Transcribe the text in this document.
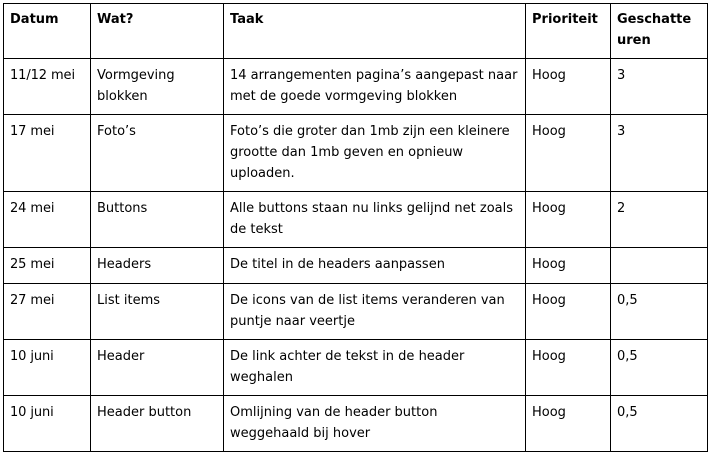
Datum	Wat?	Taak	Prioriteit	Geschatte uren
11/12 mei	Vormgeving blokken	14 arrangementen pagina’s aangepast naar met de goede vormgeving blokken	Hoog	3
17 mei	Foto’s	Foto’s die groter dan 1mb zijn een kleinere grootte dan 1mb geven en opnieuw uploaden.	Hoog	3
24 mei	Buttons	Alle buttons staan nu links gelijnd net zoals de tekst	Hoog	2
25 mei	Headers	De titel in de headers aanpassen	Hoog	
27 mei	List items	De icons van de list items veranderen van puntje naar veertje	Hoog	0,5
10 juni	Header	De link achter de tekst in de header weghalen	Hoog	0,5
10 juni	Header button	Omlijning van de header button weggehaald bij hover	Hoog	0,5
